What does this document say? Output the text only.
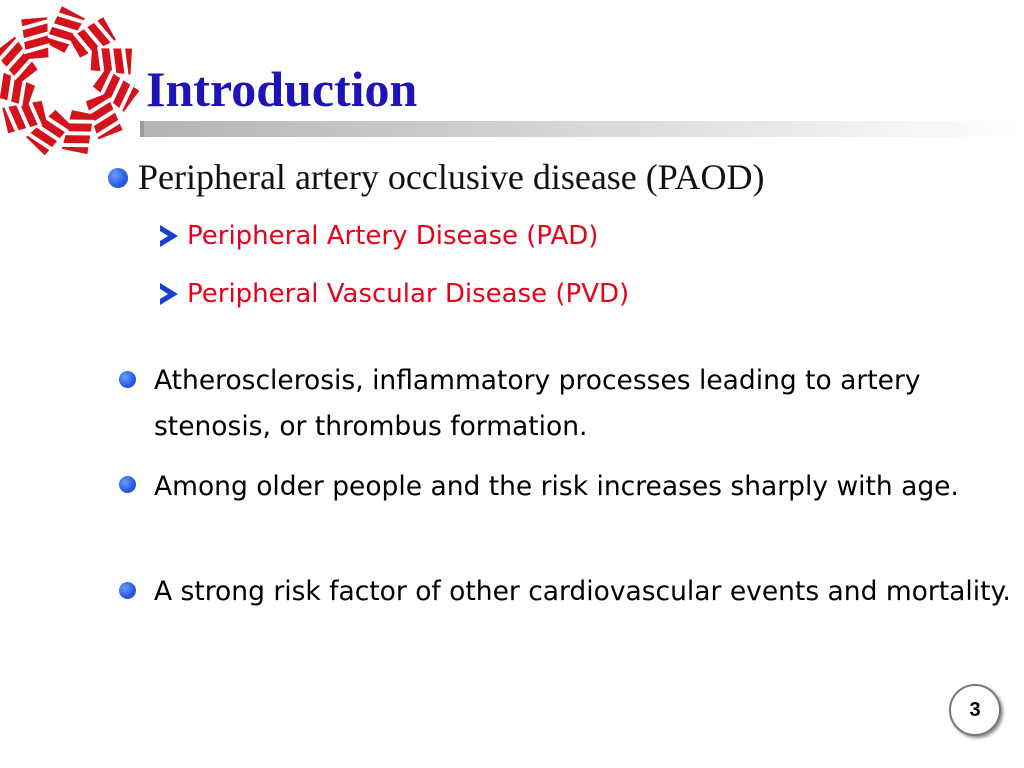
Introduction

Peripheral artery occlusive disease (PAOD)

Peripheral Artery Disease (PAD)

Peripheral Vascular Disease (PVD)

Atherosclerosis, inflammatory processes leading to artery stenosis, or thrombus formation.

Among older people and the risk increases sharply with age.

A strong risk factor of other cardiovascular events and mortality.

3
